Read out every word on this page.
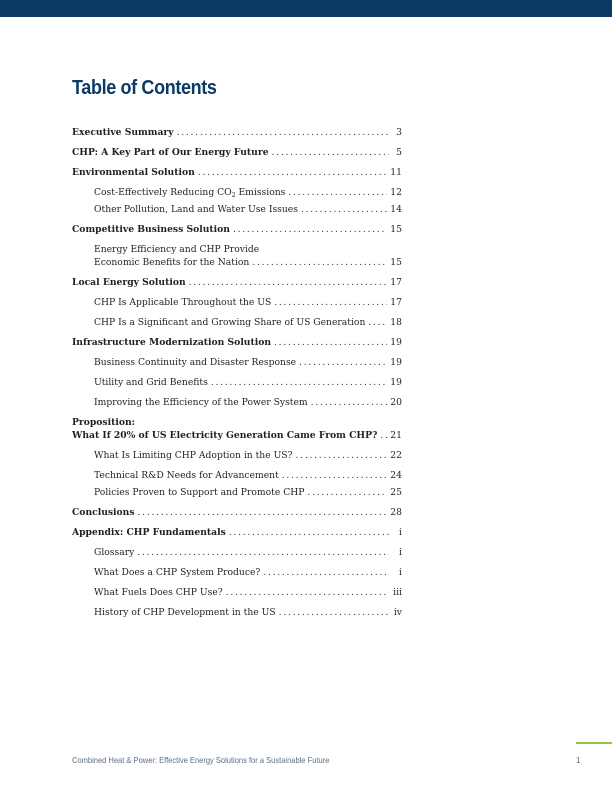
Table of Contents
Executive Summary . . .	3
CHP: A Key Part of Our Energy Future . . .	5
Environmental Solution . . .	11
Cost-Effectively Reducing $CO_2$ Emissions . . .	12
Other Pollution, Land and Water Use Issues . . .	14
Competitive Business Solution . . .	15
Energy Efficiency and CHP Provide
Economic Benefits for the Nation . . .	15
Local Energy Solution . . .	17
CHP Is Applicable Throughout the US . . .	17
CHP Is a Significant and Growing Share of US Generation . . .	18
Infrastructure Modernization Solution . . .	19
Business Continuity and Disaster Response . . .	19
Utility and Grid Benefits . . .	19
Improving the Efficiency of the Power System . . .	20
Proposition:
What If 20% of US Electricity Generation Came From CHP? . . . 21
What Is Limiting CHP Adoption in the US? . . .	22
Technical R&D Needs for Advancement . . .	24
Policies Proven to Support and Promote CHP . . .	25
Conclusions . . .	28
Appendix: CHP Fundamentals . . .	i
Glossary . . .	i
What Does a CHP System Produce? . . .	i
What Fuels Does CHP Use? . . .	iii
History of CHP Development in the US . . .	iv
Combined Heat & Power: Effective Energy Solutions for a Sustainable Future	1
